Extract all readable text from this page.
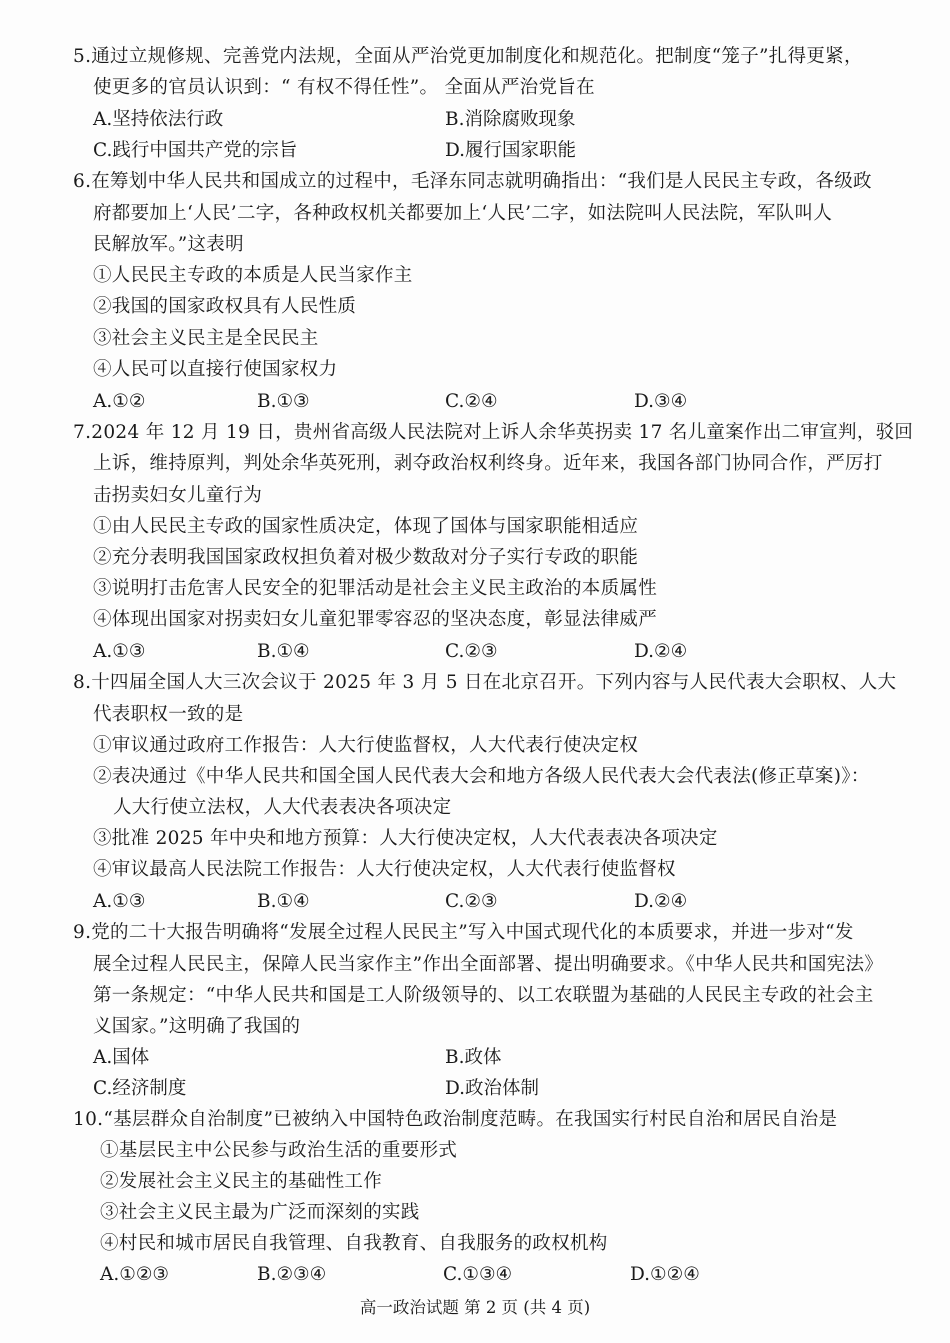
5.通过立规修规、完善党内法规，全面从严治党更加制度化和规范化。把制度“笼子”扎得更紧，
使更多的官员认识到：“ 有权不得任性”。 全面从严治党旨在
A.坚持依法行政	B.消除腐败现象
C.践行中国共产党的宗旨	D.履行国家职能
6.在筹划中华人民共和国成立的过程中，毛泽东同志就明确指出：“我们是人民民主专政，各级政
府都要加上‘人民’二字，各种政权机关都要加上‘人民’二字，如法院叫人民法院，军队叫人
民解放军。”这表明
①人民民主专政的本质是人民当家作主
②我国的国家政权具有人民性质
③社会主义民主是全民民主
④人民可以直接行使国家权力
A.①②	B.①③	C.②④	D.③④
7.2024 年 12 月 19 日，贵州省高级人民法院对上诉人余华英拐卖 17 名儿童案作出二审宣判，驳回
上诉，维持原判，判处余华英死刑，剥夺政治权利终身。近年来，我国各部门协同合作，严厉打
击拐卖妇女儿童行为
①由人民民主专政的国家性质决定，体现了国体与国家职能相适应
②充分表明我国国家政权担负着对极少数敌对分子实行专政的职能
③说明打击危害人民安全的犯罪活动是社会主义民主政治的本质属性
④体现出国家对拐卖妇女儿童犯罪零容忍的坚决态度，彰显法律威严
A.①③	B.①④	C.②③	D.②④
8.十四届全国人大三次会议于 2025 年 3 月 5 日在北京召开。下列内容与人民代表大会职权、人大
代表职权一致的是
①审议通过政府工作报告：人大行使监督权，人大代表行使决定权
②表决通过《中华人民共和国全国人民代表大会和地方各级人民代表大会代表法(修正草案)》：
人大行使立法权，人大代表表决各项决定
③批准 2025 年中央和地方预算：人大行使决定权，人大代表表决各项决定
④审议最高人民法院工作报告：人大行使决定权，人大代表行使监督权
A.①③	B.①④	C.②③	D.②④
9.党的二十大报告明确将“发展全过程人民民主”写入中国式现代化的本质要求，并进一步对“发
展全过程人民民主，保障人民当家作主”作出全面部署、提出明确要求。《中华人民共和国宪法》
第一条规定：“中华人民共和国是工人阶级领导的、以工农联盟为基础的人民民主专政的社会主
义国家。”这明确了我国的
A.国体	B.政体
C.经济制度	D.政治体制
10.“基层群众自治制度”已被纳入中国特色政治制度范畴。在我国实行村民自治和居民自治是
①基层民主中公民参与政治生活的重要形式
②发展社会主义民主的基础性工作
③社会主义民主最为广泛而深刻的实践
④村民和城市居民自我管理、自我教育、自我服务的政权机构
A.①②③	B.②③④	C.①③④	D.①②④
高一政治试题 第 2 页 (共 4 页)
